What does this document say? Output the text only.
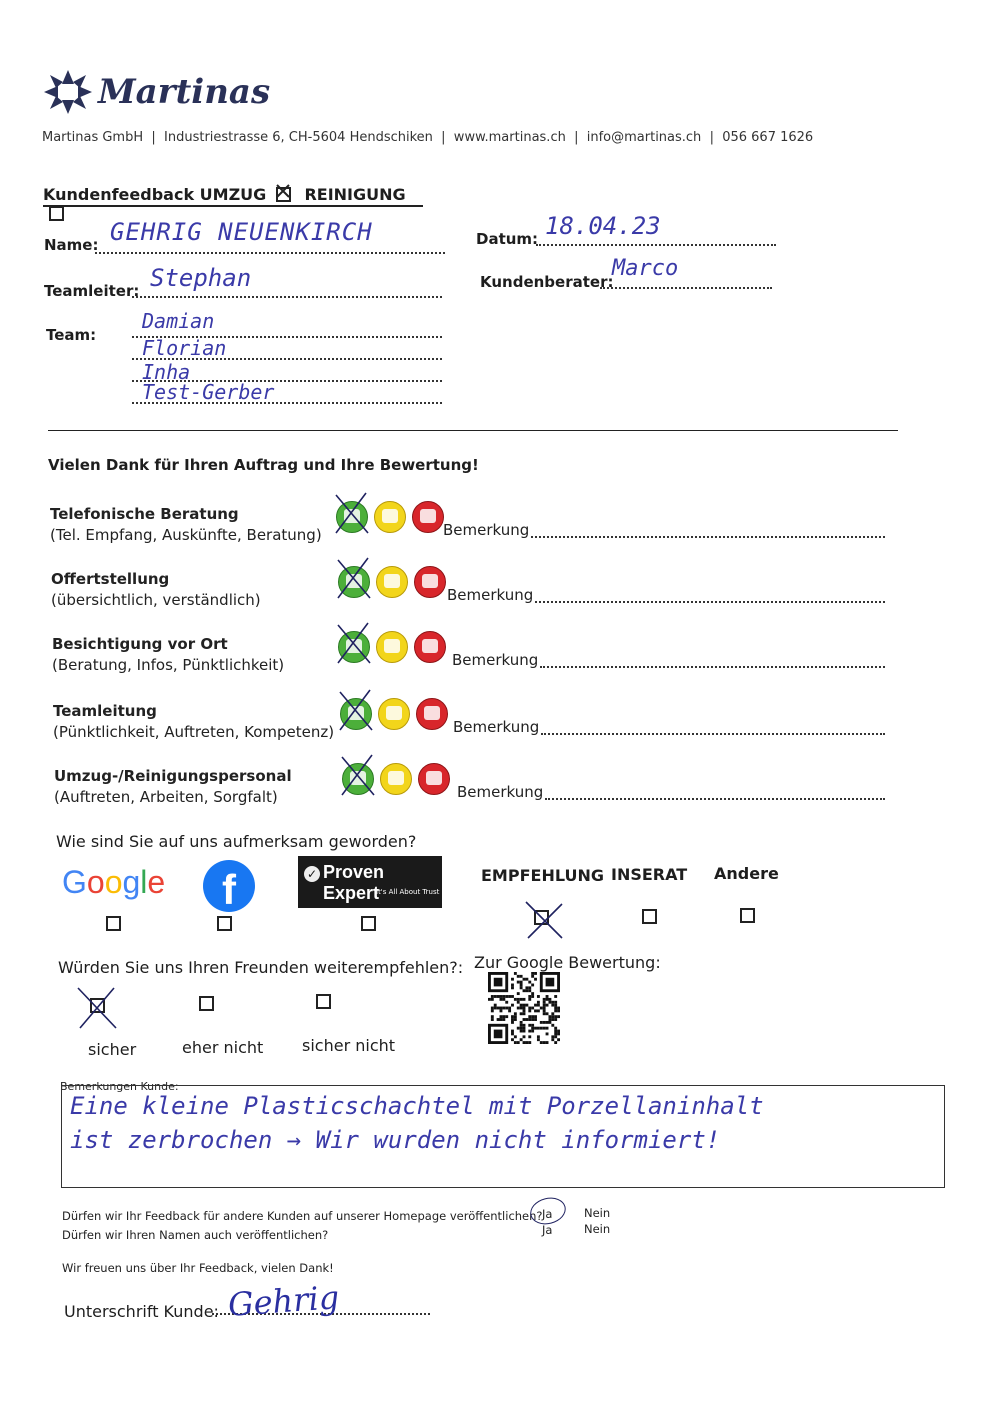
Martinas
Martinas GmbH  |  Industriestrasse 6, CH-5604 Hendschiken  |  www.martinas.ch  |  info@martinas.ch  |  056 667 1626
Kundenfeedback UMZUG REINIGUNG
Name: GEHRIG NEUENKIRCH	Datum: 18.04.23
Teamleiter: Stephan	Kundenberater:
Marco
Team:
Damian
Florian
Inha
Test-Gerber
Vielen Dank für Ihren Auftrag und Ihre Bewertung!
Telefonische Beratung
(Tel. Empfang, Auskünfte, Beratung)	Bemerkung
Offertstellung
(übersichtlich, verständlich)	Bemerkung
Besichtigung vor Ort
(Beratung, Infos, Pünktlichkeit)	Bemerkung
Teamleitung
(Pünktlichkeit, Auftreten, Kompetenz)	Bemerkung
Umzug-/Reinigungspersonal
(Auftreten, Arbeiten, Sorgfalt)	Bemerkung
Wie sind Sie auf uns aufmerksam geworden?
Google	f	✓ Proven Expert
It's All About Trust
EMPFEHLUNG INSERAT Andere
Würden Sie uns Ihren Freunden weiterempfehlen?: Zur Google Bewertung:
sicher	eher nicht sicher nicht
Bemerkungen Kunde:
Eine kleine Plasticschachtel mit Porzellaninhalt
ist zerbrochen → Wir wurden nicht informiert!
Dürfen wir Ihr Feedback für andere Kunden auf unserer Homepage veröffentlichen?
Dürfen wir Ihren Namen auch veröffentlichen?
Ja	Nein
Ja	Nein
Wir freuen uns über Ihr Feedback, vielen Dank!
Unterschrift Kunde: Gehrig
